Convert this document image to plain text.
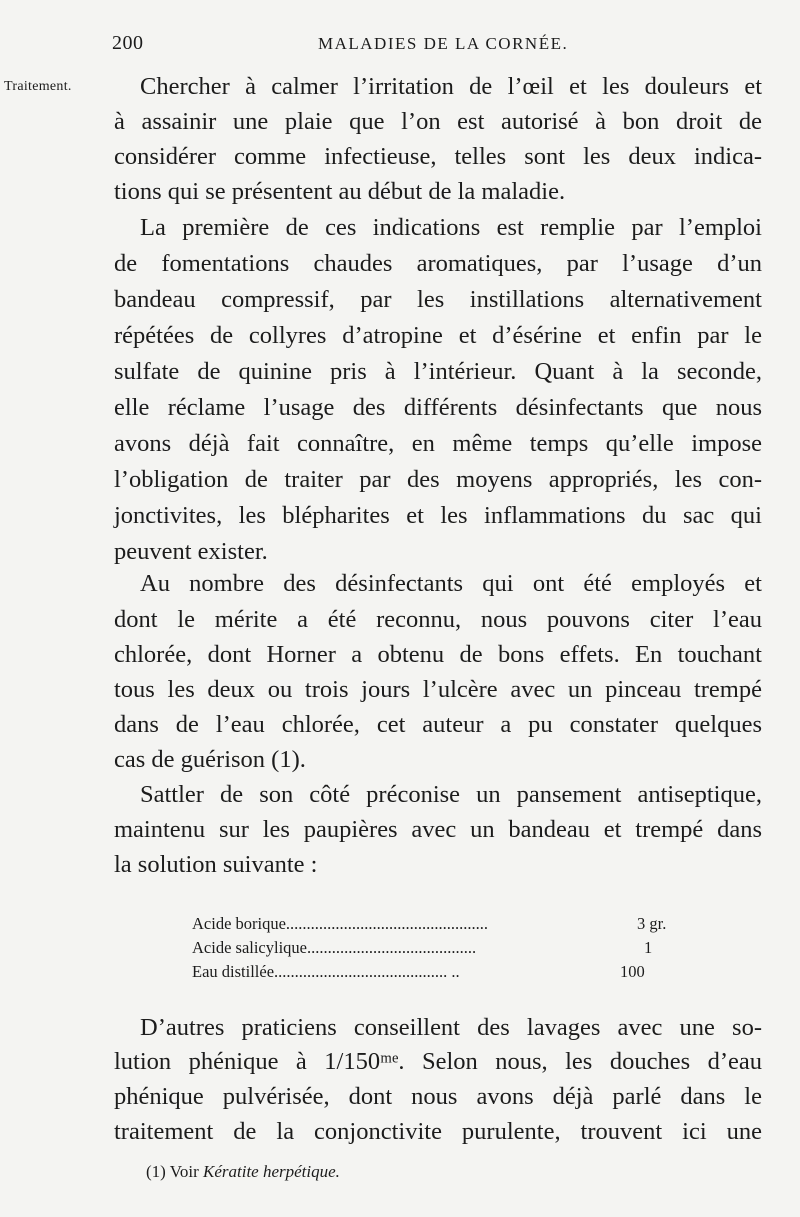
200	MALADIES DE LA CORNÉE.
Traitement.	Chercher à calmer l’irritation de l’œil et les douleurs et
à assainir une plaie que l’on est autorisé à bon droit de
considérer comme infectieuse, telles sont les deux indica-
tions qui se présentent au début de la maladie.
La première de ces indications est remplie par l’emploi
de fomentations chaudes aromatiques, par l’usage d’un
bandeau compressif, par les instillations alternativement
répétées de collyres d’atropine et d’ésérine et enfin par le
sulfate de quinine pris à l’intérieur. Quant à la seconde,
elle réclame l’usage des différents désinfectants que nous
avons déjà fait connaître, en même temps qu’elle impose
l’obligation de traiter par des moyens appropriés, les con-
jonctivites, les blépharites et les inflammations du sac qui
peuvent exister.
Au nombre des désinfectants qui ont été employés et
dont le mérite a été reconnu, nous pouvons citer l’eau
chlorée, dont Horner a obtenu de bons effets. En touchant
tous les deux ou trois jours l’ulcère avec un pinceau trempé
dans de l’eau chlorée, cet auteur a pu constater quelques
cas de guérison (1).
Sattler de son côté préconise un pansement antiseptique,
maintenu sur les paupières avec un bandeau et trempé dans
la solution suivante :
Acide borique.................................................	3 gr.
Acide salicylique.........................................	1
Eau distillée.......................................... ..	100
D’autres praticiens conseillent des lavages avec une so-
lution phénique à 1/150ᵐᵉ. Selon nous, les douches d’eau
phénique pulvérisée, dont nous avons déjà parlé dans le
traitement de la conjonctivite purulente, trouvent ici une
(1) Voir Kératite herpétique.
